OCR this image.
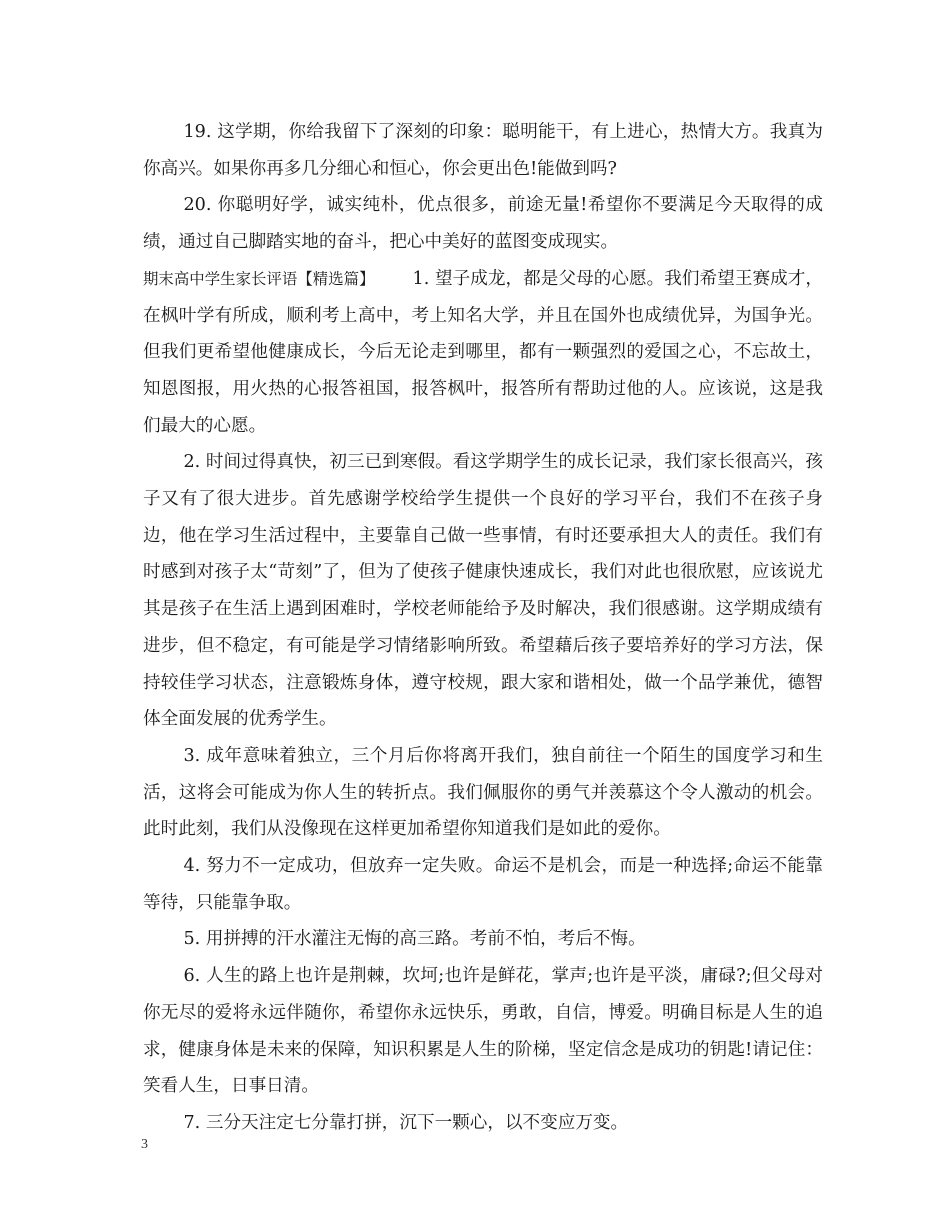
19. 这学期，你给我留下了深刻的印象：聪明能干，有上进心，热情大方。我真为你高兴。如果你再多几分细心和恒心，你会更出色!能做到吗?

20. 你聪明好学，诚实纯朴，优点很多，前途无量!希望你不要满足今天取得的成绩，通过自己脚踏实地的奋斗，把心中美好的蓝图变成现实。

期末高中学生家长评语【精选篇】 1. 望子成龙，都是父母的心愿。我们希望王赛成才，在枫叶学有所成，顺利考上高中，考上知名大学，并且在国外也成绩优异，为国争光。但我们更希望他健康成长，今后无论走到哪里，都有一颗强烈的爱国之心，不忘故土，知恩图报，用火热的心报答祖国，报答枫叶，报答所有帮助过他的人。应该说，这是我们最大的心愿。

2. 时间过得真快，初三已到寒假。看这学期学生的成长记录，我们家长很高兴，孩子又有了很大进步。首先感谢学校给学生提供一个良好的学习平台，我们不在孩子身边，他在学习生活过程中，主要靠自己做一些事情，有时还要承担大人的责任。我们有时感到对孩子太“苛刻”了，但为了使孩子健康快速成长，我们对此也很欣慰，应该说尤其是孩子在生活上遇到困难时，学校老师能给予及时解决，我们很感谢。这学期成绩有进步，但不稳定，有可能是学习情绪影响所致。希望藉后孩子要培养好的学习方法，保持较佳学习状态，注意锻炼身体，遵守校规，跟大家和谐相处，做一个品学兼优，德智体全面发展的优秀学生。

3. 成年意味着独立，三个月后你将离开我们，独自前往一个陌生的国度学习和生活，这将会可能成为你人生的转折点。我们佩服你的勇气并羡慕这个令人激动的机会。此时此刻，我们从没像现在这样更加希望你知道我们是如此的爱你。

4. 努力不一定成功，但放弃一定失败。命运不是机会，而是一种选择;命运不能靠等待，只能靠争取。

5. 用拼搏的汗水灌注无悔的高三路。考前不怕，考后不悔。

6. 人生的路上也许是荆棘，坎坷;也许是鲜花，掌声;也许是平淡，庸碌?;但父母对你无尽的爱将永远伴随你，希望你永远快乐，勇敢，自信，博爱。明确目标是人生的追求，健康身体是未来的保障，知识积累是人生的阶梯，坚定信念是成功的钥匙!请记住：笑看人生，日事日清。

7. 三分天注定七分靠打拼，沉下一颗心，以不变应万变。

3
